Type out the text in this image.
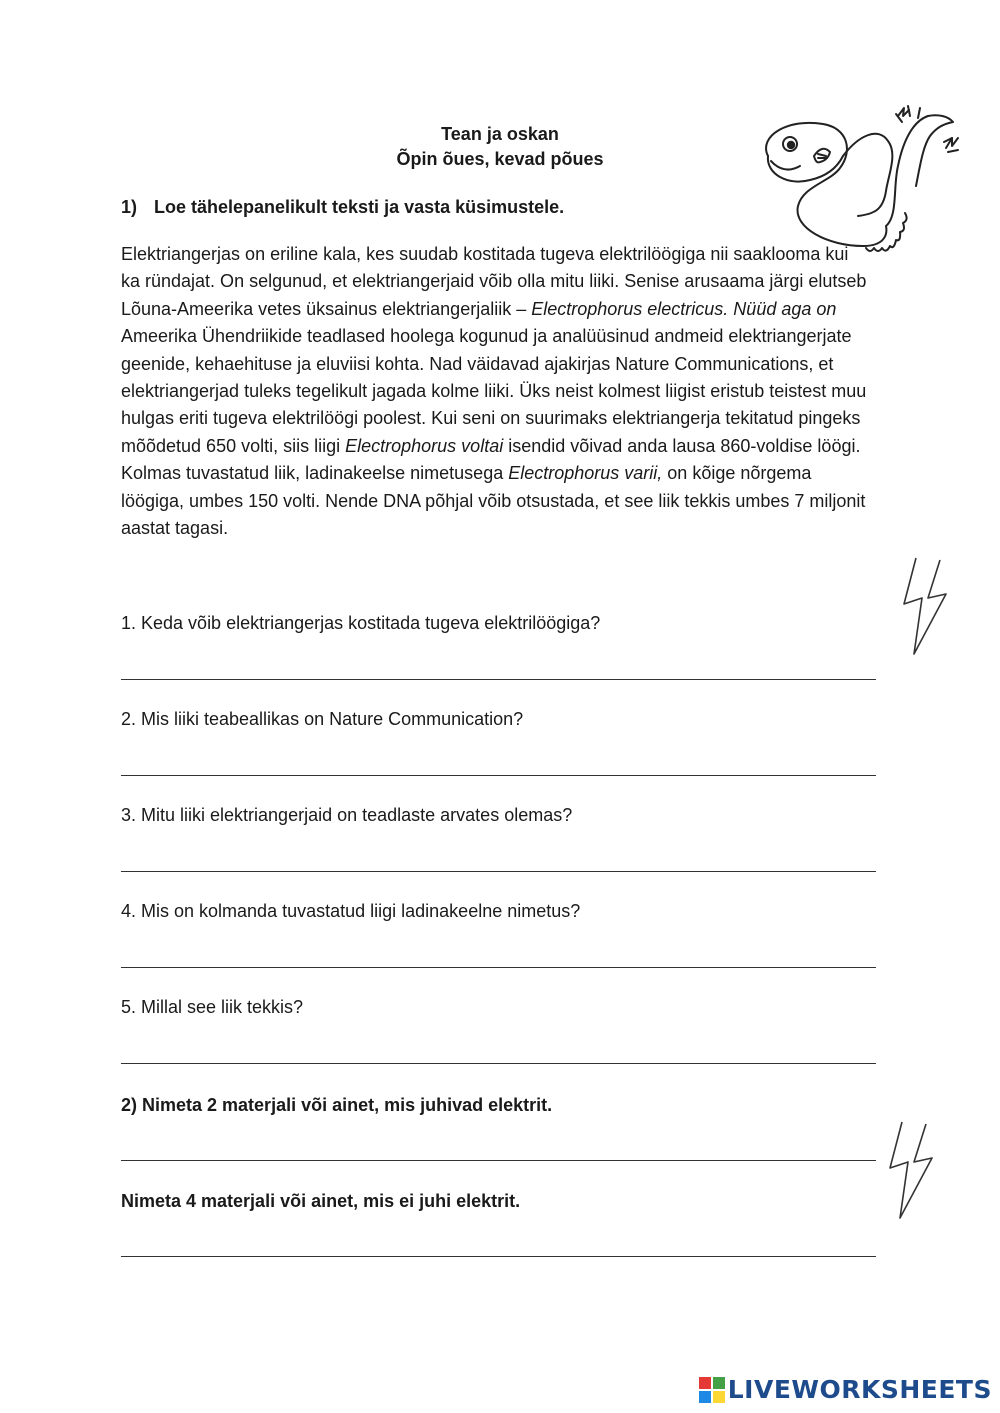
Tean ja oskan
Õpin õues, kevad põues
1) Loe tähelepanelikult teksti ja vasta küsimustele.
Elektriangerjas on eriline kala, kes suudab kostitada tugeva elektrilöögiga nii saaklooma kui ka ründajat. On selgunud, et elektriangerjaid võib olla mitu liiki. Senise arusaama järgi elutseb Lõuna-Ameerika vetes üksainus elektriangerjaliik – Electrophorus electricus. Nüüd aga on Ameerika Ühendriikide teadlased hoolega kogunud ja analüüsinud andmeid elektriangerjate geenide, kehaehituse ja eluviisi kohta. Nad väidavad ajakirjas Nature Communications, et elektriangerjad tuleks tegelikult jagada kolme liiki. Üks neist kolmest liigist eristub teistest muu hulgas eriti tugeva elektrilöögi poolest. Kui seni on suurimaks elektriangerja tekitatud pingeks mõõdetud 650 volti, siis liigi Electrophorus voltai isendid võivad anda lausa 860-voldise löögi. Kolmas tuvastatud liik, ladinakeelse nimetusega Electrophorus varii, on kõige nõrgema löögiga, umbes 150 volti. Nende DNA põhjal võib otsustada, et see liik tekkis umbes 7 miljonit aastat tagasi.
1. Keda võib elektriangerjas kostitada tugeva elektrilöögiga?
2. Mis liiki teabeallikas on Nature Communication?
3. Mitu liiki elektriangerjaid on teadlaste arvates olemas?
4. Mis on kolmanda tuvastatud liigi ladinakeelne nimetus?
5. Millal see liik tekkis?
2) Nimeta 2 materjali või ainet, mis juhivad elektrit.
Nimeta 4 materjali või ainet, mis ei juhi elektrit.
LIVEWORKSHEETS
